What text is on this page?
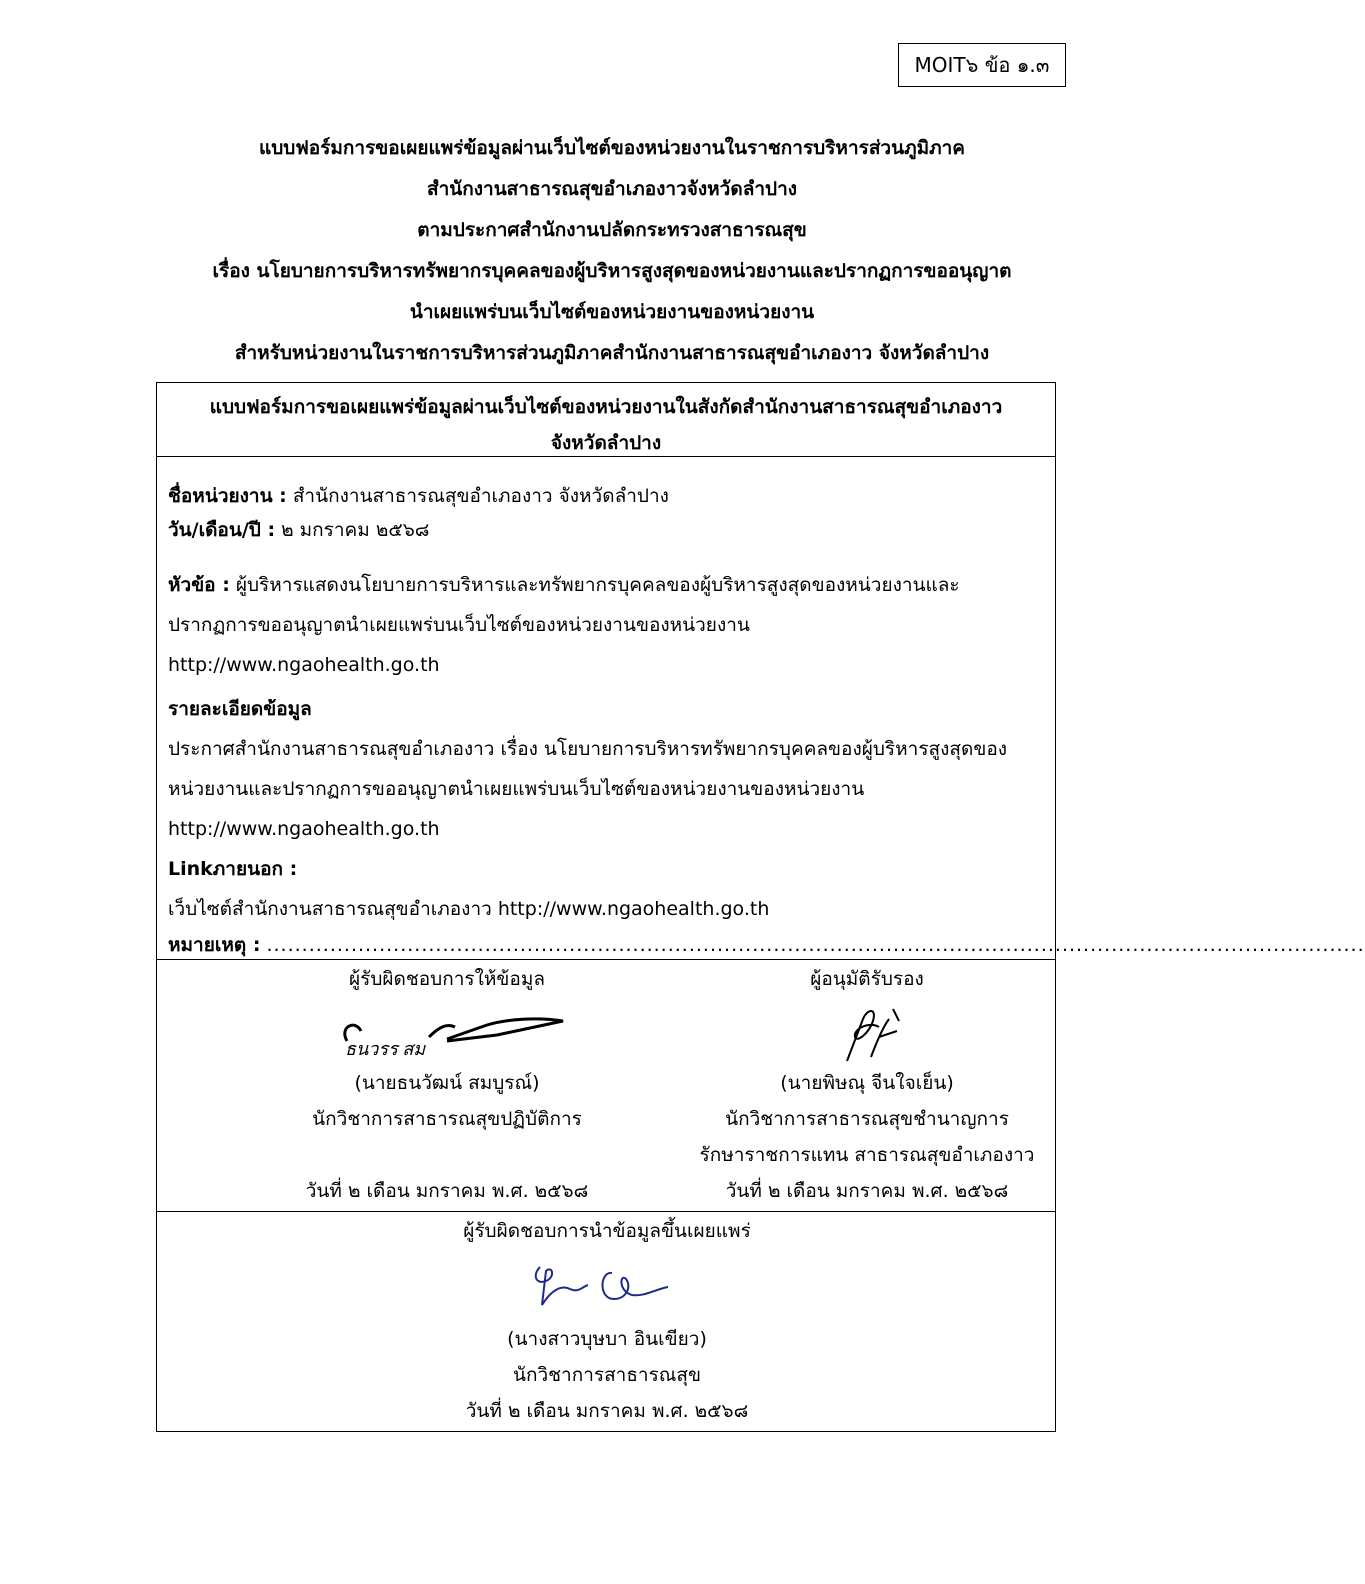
MOIT๖ ข้อ ๑.๓
แบบฟอร์มการขอเผยแพร่ข้อมูลผ่านเว็บไซต์ของหน่วยงานในราชการบริหารส่วนภูมิภาค
สำนักงานสาธารณสุขอำเภองาวจังหวัดลำปาง
ตามประกาศสำนักงานปลัดกระทรวงสาธารณสุข
เรื่อง นโยบายการบริหารทรัพยากรบุคคลของผู้บริหารสูงสุดของหน่วยงานและปรากฏการขออนุญาต
นำเผยแพร่บนเว็บไซต์ของหน่วยงานของหน่วยงาน
สำหรับหน่วยงานในราชการบริหารส่วนภูมิภาคสำนักงานสาธารณสุขอำเภองาว จังหวัดลำปาง
แบบฟอร์มการขอเผยแพร่ข้อมูลผ่านเว็บไซต์ของหน่วยงานในสังกัดสำนักงานสาธารณสุขอำเภองาว
จังหวัดลำปาง
ชื่อหน่วยงาน : สำนักงานสาธารณสุขอำเภองาว จังหวัดลำปาง
วัน/เดือน/ปี : ๒ มกราคม ๒๕๖๘
หัวข้อ : ผู้บริหารแสดงนโยบายการบริหารและทรัพยากรบุคคลของผู้บริหารสูงสุดของหน่วยงานและ
ปรากฏการขออนุญาตนำเผยแพร่บนเว็บไซต์ของหน่วยงานของหน่วยงาน
http://www.ngaohealth.go.th
รายละเอียดข้อมูล
ประกาศสำนักงานสาธารณสุขอำเภองาว เรื่อง นโยบายการบริหารทรัพยากรบุคคลของผู้บริหารสูงสุดของ
หน่วยงานและปรากฏการขออนุญาตนำเผยแพร่บนเว็บไซต์ของหน่วยงานของหน่วยงาน
http://www.ngaohealth.go.th
Linkภายนอก :
เว็บไซต์สำนักงานสาธารณสุขอำเภองาว http://www.ngaohealth.go.th
หมายเหตุ : ............................................................................................................................................................
ผู้รับผิดชอบการให้ข้อมูล
ธนวรร สม
(นายธนวัฒน์ สมบูรณ์)
นักวิชาการสาธารณสุขปฏิบัติการ
วันที่ ๒ เดือน มกราคม พ.ศ. ๒๕๖๘
ผู้อนุมัติรับรอง
(นายพิษณุ จีนใจเย็น)
นักวิชาการสาธารณสุขชำนาญการ
รักษาราชการแทน สาธารณสุขอำเภองาว
วันที่ ๒ เดือน มกราคม พ.ศ. ๒๕๖๘
ผู้รับผิดชอบการนำข้อมูลขึ้นเผยแพร่
(นางสาวบุษบา อินเขียว)
นักวิชาการสาธารณสุข
วันที่ ๒ เดือน มกราคม พ.ศ. ๒๕๖๘
